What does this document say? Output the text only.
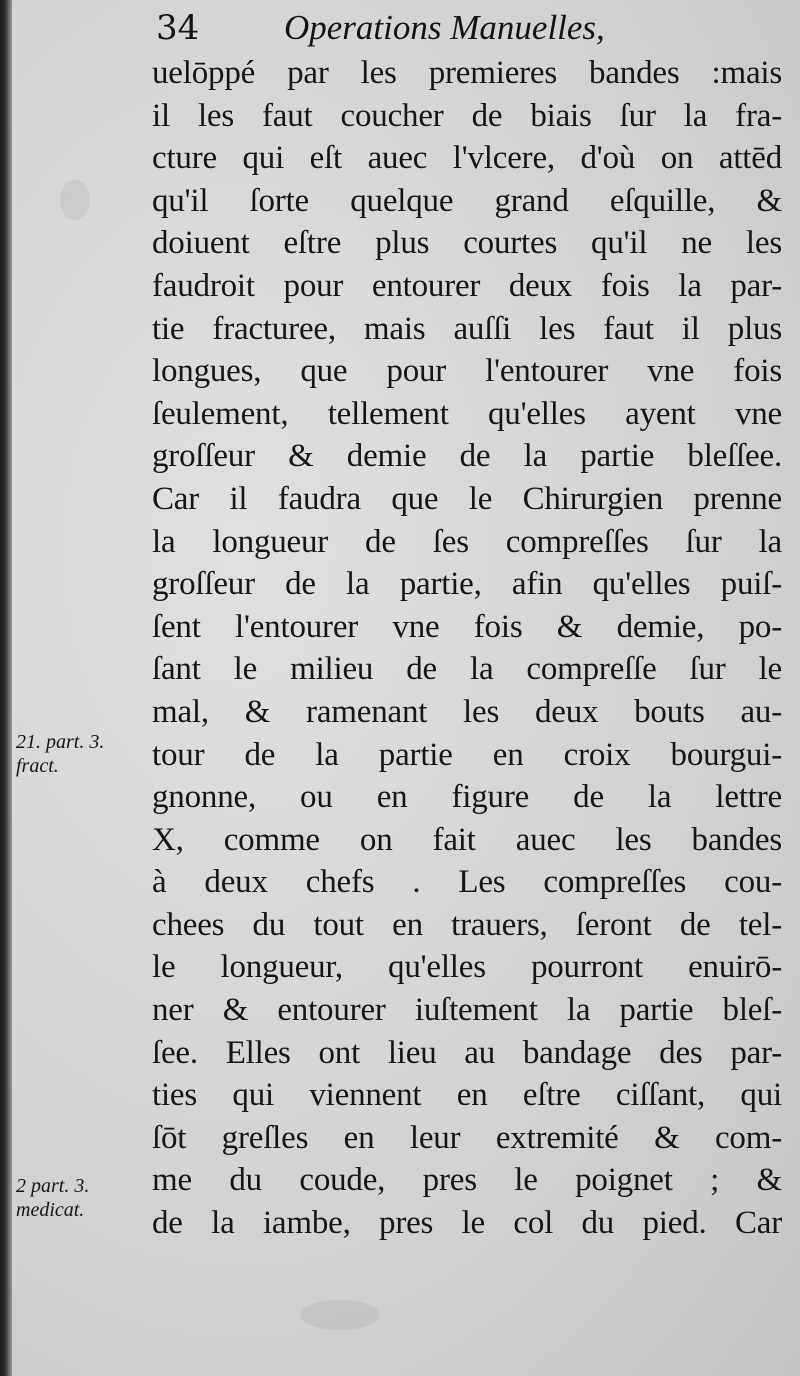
34 Operations Manuelles,
uelōppé par les premieres bandes :mais
il les faut coucher de biais ſur la fra-
cture qui eſt auec l'vlcere, d'où on attēd
qu'il ſorte quelque grand eſquille, &
doiuent eſtre plus courtes qu'il ne les
faudroit pour entourer deux fois la par-
tie fracturee, mais auſſi les faut il plus
longues, que pour l'entourer vne fois
ſeulement, tellement qu'elles ayent vne
groſſeur & demie de la partie bleſſee.
Car il faudra que le Chirurgien prenne
la longueur de ſes compreſſes ſur la
groſſeur de la partie, afin qu'elles puiſ-
ſent l'entourer vne fois & demie, po-
ſant le milieu de la compreſſe ſur le
mal, & ramenant les deux bouts au-
tour de la partie en croix bourgui-
gnonne, ou en figure de la lettre
X, comme on fait auec les bandes
à deux chefs . Les compreſſes cou-
chees du tout en trauers, ſeront de tel-
le longueur, qu'elles pourront enuirō-
ner & entourer iuſtement la partie bleſ-
ſee. Elles ont lieu au bandage des par-
ties qui viennent en eſtre ciſſant, qui
ſōt greſles en leur extremité & com-
me du coude, pres le poignet ; &
de la iambe, pres le col du pied. Car
21. part. 3.
fract.
2 part. 3.
medicat.
